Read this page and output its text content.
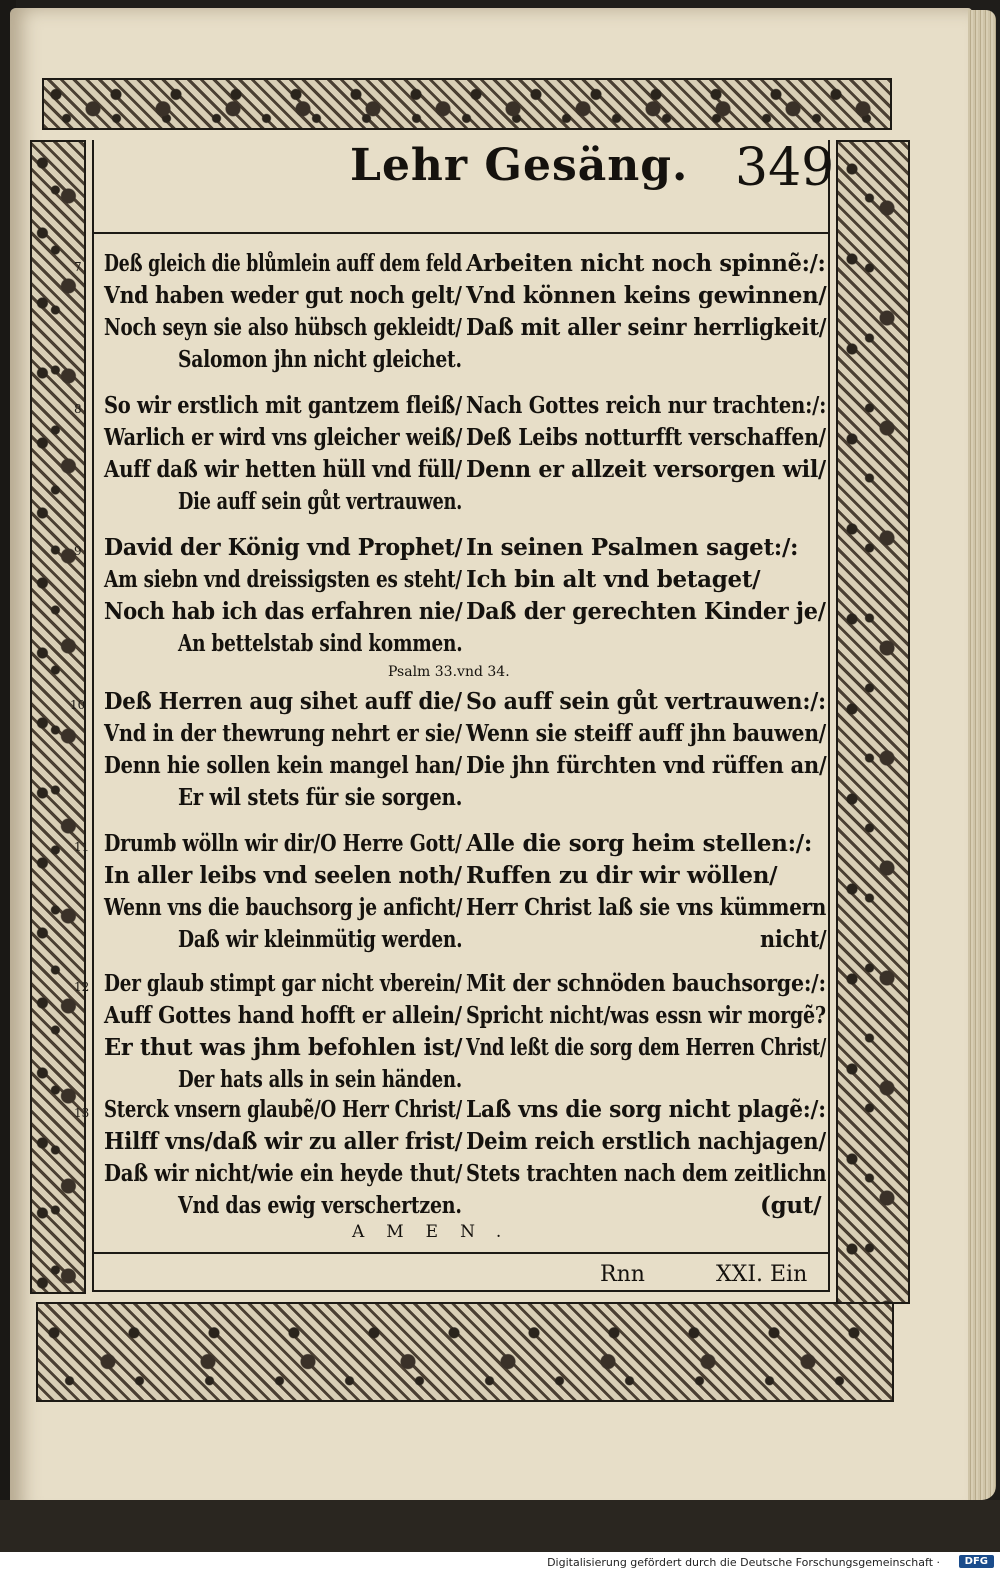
Lehr Gesäng. 349
7 Deß gleich die blůmlein auff dem feld Arbeiten nicht noch spinnẽ:/:
Vnd haben weder gut noch gelt/ Vnd können keins gewinnen/
Noch seyn sie also hübsch gekleidt/ Daß mit aller seinr herrligkeit/
Salomon jhn nicht gleichet.
8 So wir erstlich mit gantzem fleiß/ Nach Gottes reich nur trachten:/:
Warlich er wird vns gleicher weiß/ Deß Leibs notturfft verschaffen/
Auff daß wir hetten hüll vnd füll/ Denn er allzeit versorgen wil/
Die auff sein gůt vertrauwen.
9 David der König vnd Prophet/ In seinen Psalmen saget:/:
Am siebn vnd dreissigsten es steht/ Ich bin alt vnd betaget/
Noch hab ich das erfahren nie/ Daß der gerechten Kinder je/
An bettelstab sind kommen.
10 Deß Herren aug sihet auff die/ So auff sein gůt vertrauwen:/:
Vnd in der thewrung nehrt er sie/ Wenn sie steiff auff jhn bauwen/
Denn hie sollen kein mangel han/ Die jhn fürchten vnd rüffen an/
Er wil stets für sie sorgen.
11 Drumb wölln wir dir/O Herre Gott/ Alle die sorg heim stellen:/:
In aller leibs vnd seelen noth/ Ruffen zu dir wir wöllen/
Wenn vns die bauchsorg je anficht/ Herr Christ laß sie vns kümmern
Daß wir kleinmütig werden.	nicht/
12 Der glaub stimpt gar nicht vberein/ Mit der schnöden bauchsorge:/:
Auff Gottes hand hofft er allein/ Spricht nicht/was essn wir morgẽ?
Er thut was jhm befohlen ist/ Vnd leßt die sorg dem Herren Christ/
Der hats alls in sein händen.
13 Sterck vnsern glaubẽ/O Herr Christ/ Laß vns die sorg nicht plagẽ:/:
Hilff vns/daß wir zu aller frist/ Deim reich erstlich nachjagen/
Daß wir nicht/wie ein heyde thut/ Stets trachten nach dem zeitlichn
Vnd das ewig verschertzen.	(gut/
Psalm 33.vnd 34.
AMEN.
Rnn	XXI. Ein
Digitalisierung gefördert durch die Deutsche Forschungsgemeinschaft ·	DFG
